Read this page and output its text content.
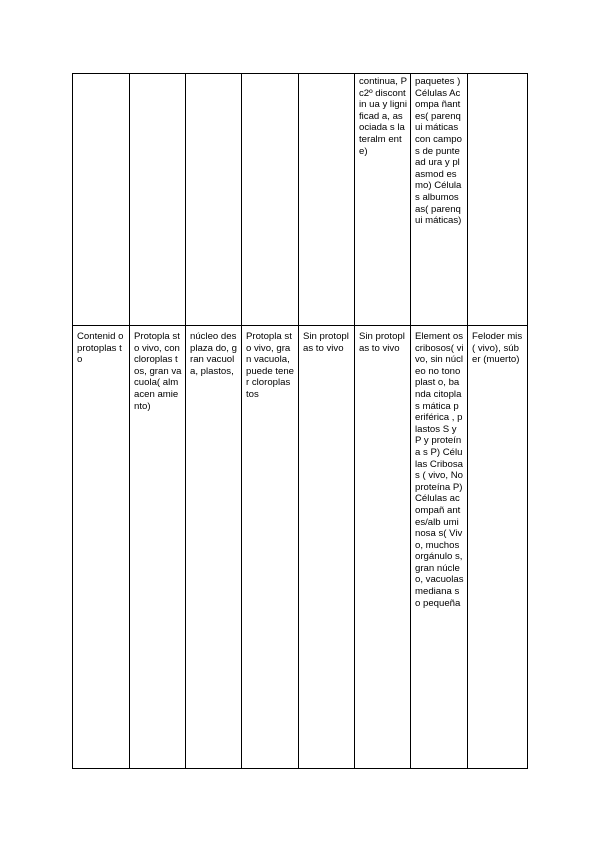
					continua, Pc2º discontin ua y lignificad a, asociada s lateralm ente)	paquetes ) Células Acompa ñantes( parenqui máticas con campos de puntead ura y plasmod esmo) Células albumos as( parenqui máticas)	
Contenid o protoplas to	Protopla sto vivo, con cloroplas tos, gran vacuola( almacen amiento)	núcleo desplaza do, gran vacuola, plastos,	Protopla sto vivo, gran vacuola, puede tener cloroplas tos	Sin protoplas to vivo	Sin protoplas to vivo	Element os cribosos( vivo, sin núcleo no tonoplast o, banda citoplas mática periférica , plastos S y P y proteína s P) Células Cribosas ( vivo, No proteína P) Células acompañ antes/alb uminosa s( Vivo, muchos orgánulo s, gran núcleo, vacuolas mediana s o pequeña	Feloder mis( vivo), súber (muerto)
